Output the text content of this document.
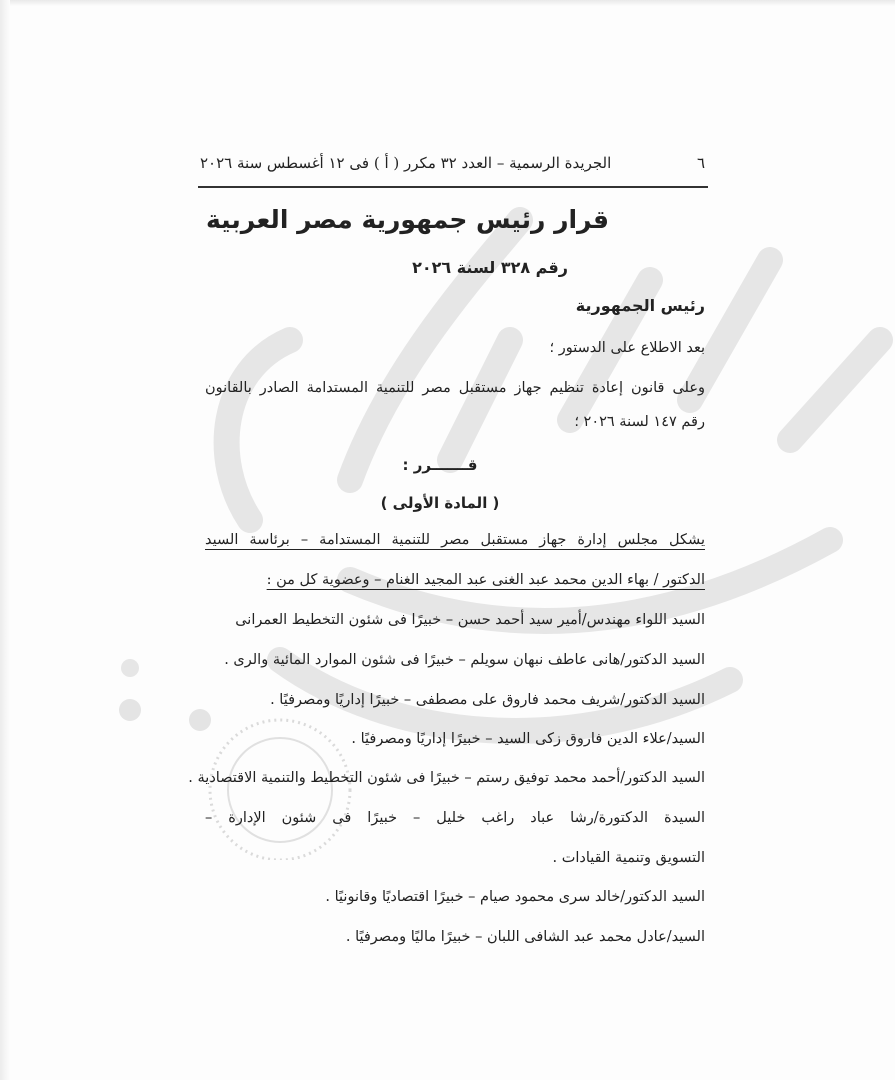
٦
الجريدة الرسمية – العدد ٣٢ مكرر ( أ ) فى ١٢ أغسطس سنة ٢٠٢٦
قرار رئيس جمهورية مصر العربية
رقم ٣٢٨ لسنة ٢٠٢٦
رئيس الجمهورية
بعد الاطلاع على الدستور ؛
وعلى قانون إعادة تنظيم جهاز مستقبل مصر للتنمية المستدامة الصادر بالقانون
رقم ١٤٧ لسنة ٢٠٢٦ ؛
قـــــــرر :
( المادة الأولى )
يشكل مجلس إدارة جهاز مستقبل مصر للتنمية المستدامة – برئاسة السيد
الدكتور / بهاء الدين محمد عبد الغنى عبد المجيد الغنام – وعضوية كل من :
السيد اللواء مهندس/أمير سيد أحمد حسن – خبيرًا فى شئون التخطيط العمرانى
السيد الدكتور/هانى عاطف نبهان سويلم – خبيرًا فى شئون الموارد المائية والرى .
السيد الدكتور/شريف محمد فاروق على مصطفى – خبيرًا إداريًا ومصرفيًا .
السيد/علاء الدين فاروق زكى السيد – خبيرًا إداريًا ومصرفيًا .
السيد الدكتور/أحمد محمد توفيق رستم – خبيرًا فى شئون التخطيط والتنمية الاقتصادية .
السيدة الدكتورة/رشا عباد راغب خليل – خبيرًا فى شئون الإدارة –
التسويق وتنمية القيادات .
السيد الدكتور/خالد سرى محمود صيام – خبيرًا اقتصاديًا وقانونيًا .
السيد/عادل محمد عبد الشافى اللبان – خبيرًا ماليًا ومصرفيًا .
